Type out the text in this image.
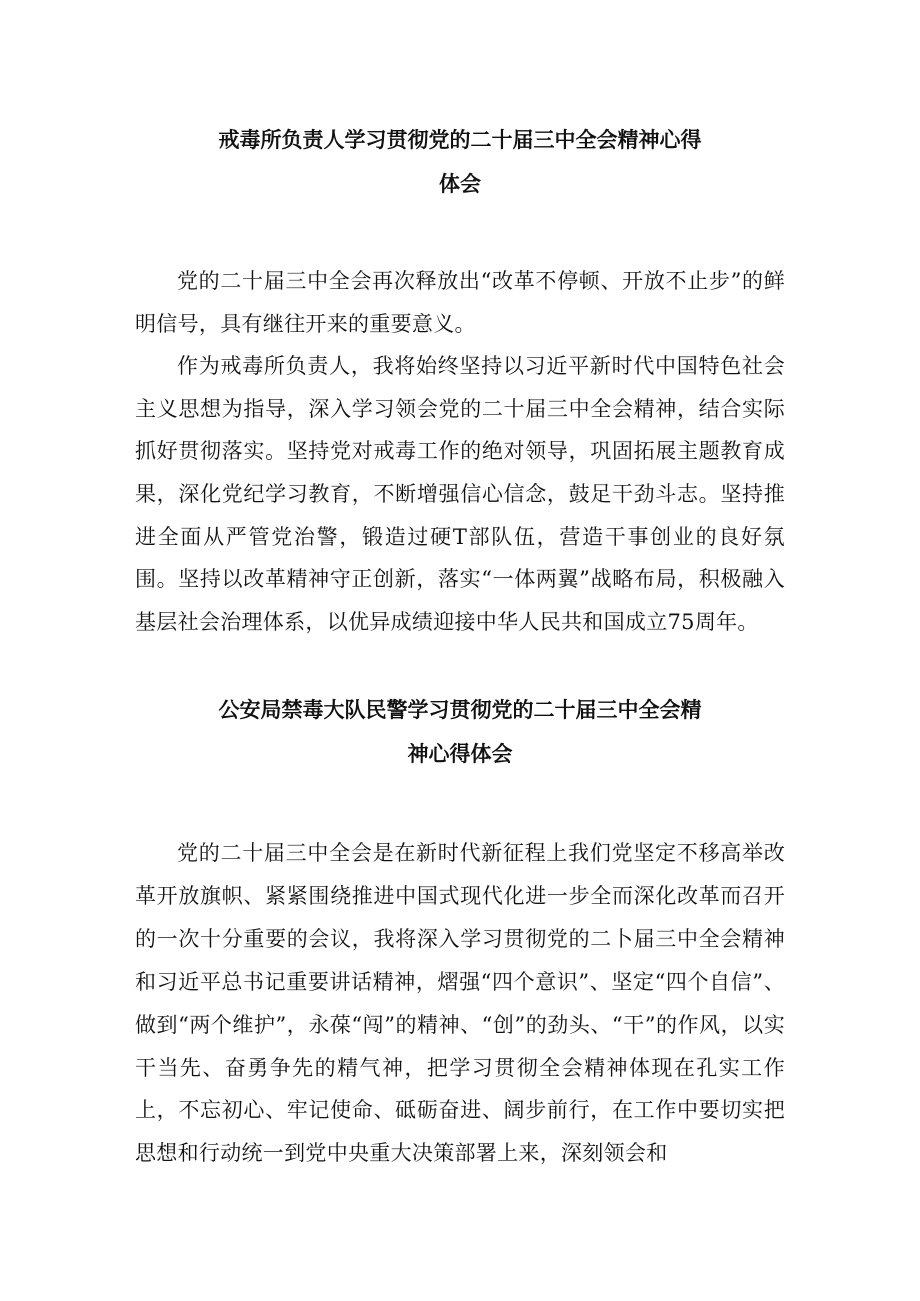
戒毒所负责人学习贯彻党的二十届三中全会精神心得
体会

党的二十届三中全会再次释放出“改革不停顿、开放不止步”的鲜明信号，具有继往开来的重要意义。

作为戒毒所负责人，我将始终坚持以习近平新时代中国特色社会主义思想为指导，深入学习领会党的二十届三中全会精神，结合实际抓好贯彻落实。坚持党对戒毒工作的绝对领导，巩固拓展主题教育成果，深化党纪学习教育，不断增强信心信念，鼓足干劲斗志。坚持推进全面从严管党治警，锻造过硬T部队伍，营造干事创业的良好氛围。坚持以改革精神守正创新，落实“一体两翼”战略布局，积极融入基层社会治理体系，以优异成绩迎接中华人民共和国成立75周年。

公安局禁毒大队民警学习贯彻党的二十届三中全会精
神心得体会

党的二十届三中全会是在新时代新征程上我们党坚定不移高举改革开放旗帜、紧紧围绕推进中国式现代化进一步全而深化改革而召开的一次十分重要的会议，我将深入学习贯彻党的二卜届三中全会精神和习近平总书记重要讲话精神，熠强“四个意识”、坚定“四个自信”、做到“两个维护”，永葆“闯”的精神、“创”的劲头、“干”的作风，以实干当先、奋勇争先的精气神，把学习贯彻全会精神体现在孔实工作上，不忘初心、牢记使命、砥砺奋进、阔步前行，在工作中要切实把思想和行动统一到党中央重大决策部署上来，深刻领会和
